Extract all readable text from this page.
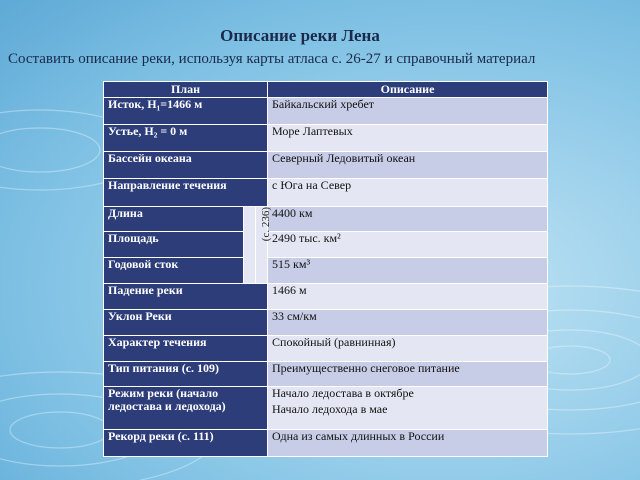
Описание реки Лена
Составить описание реки, используя карты атласа с. 26-27 и справочный материал
План			Описание
Исток, H₁=1466 м			Байкальский хребет
Устье, H₂ = 0 м			Море Лаптевых
Бассейн океана			Северный Ледовитый океан
Направление течения			с Юга на Север
Длина		(с. 236)	4400 км
Площадь			2490 тыс. км²
Годовой сток			515 км³
Падение реки			1466 м
Уклон Реки			33 см/км
Характер течения			Спокойный (равнинная)
Тип питания (с. 109)			Преимущественно снеговое питание
Режим реки (начало ледостава и ледохода)			Начало ледостава в октябре
Начало ледохода в мае

Рекорд реки (с. 111)			Одна из самых длинных в России
